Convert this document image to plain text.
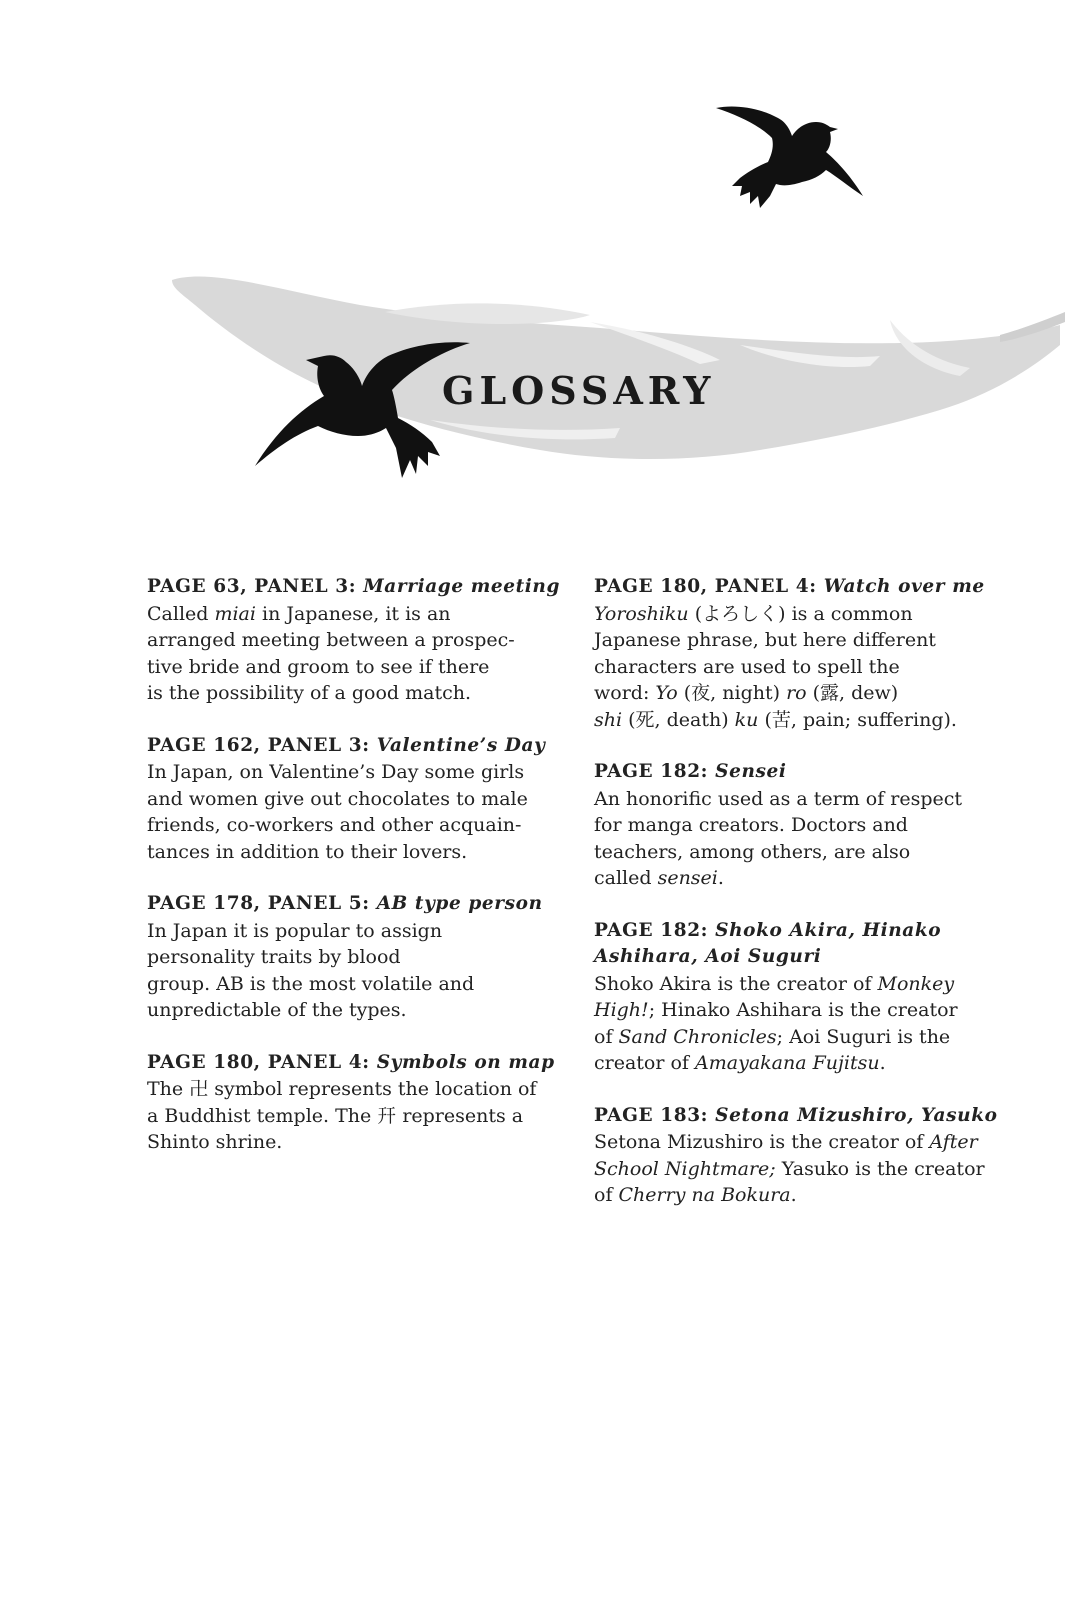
GLOSSARY
PAGE 63, PANEL 3: Marriage meeting
Called miai in Japanese, it is an
arranged meeting between a prospec-
tive bride and groom to see if there
is the possibility of a good match.
PAGE 162, PANEL 3: Valentine’s Day
In Japan, on Valentine’s Day some girls
and women give out chocolates to male
friends, co-workers and other acquain-
tances in addition to their lovers.
PAGE 178, PANEL 5: AB type person
In Japan it is popular to assign
personality traits by blood
group. AB is the most volatile and
unpredictable of the types.
PAGE 180, PANEL 4: Symbols on map
The 卍 symbol represents the location of
a Buddhist temple. The 幵 represents a
Shinto shrine.
PAGE 180, PANEL 4: Watch over me
Yoroshiku (よろしく) is a common
Japanese phrase, but here different
characters are used to spell the
word: Yo (夜, night) ro (露, dew)
shi (死, death) ku (苦, pain; suffering).
PAGE 182: Sensei
An honorific used as a term of respect
for manga creators. Doctors and
teachers, among others, are also
called sensei.
PAGE 182: Shoko Akira, Hinako
Ashihara, Aoi Suguri
Shoko Akira is the creator of Monkey
High!; Hinako Ashihara is the creator
of Sand Chronicles; Aoi Suguri is the
creator of Amayakana Fujitsu.
PAGE 183: Setona Mizushiro, Yasuko
Setona Mizushiro is the creator of After
School Nightmare; Yasuko is the creator
of Cherry na Bokura.
